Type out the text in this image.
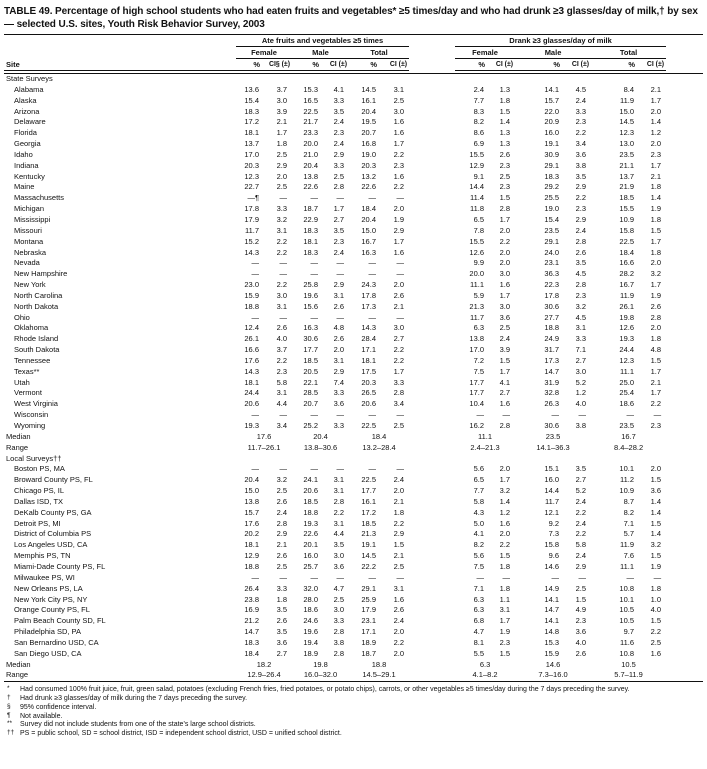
TABLE 49. Percentage of high school students who had eaten fruits and vegetables* ≥5 times/day and who had drunk ≥3 glasses/day of milk,† by sex — selected U.S. sites, Youth Risk Behavior Survey, 2003
	Ate fruits and vegetables ≥5 times							Drank ≥3 glasses/day of milk						
	Female		Male		Total			Female		Male		Total		
Site	%	CI§ (±)	%	CI (±)	%	CI (±)		%	CI (±)	%	CI (±)	%	CI (±)	

State Surveys														
Alabama	13.6	3.7	15.3	4.1	14.5	3.1		2.4	1.3	14.1	4.5	8.4	2.1	
Alaska	15.4	3.0	16.5	3.3	16.1	2.5		7.7	1.8	15.7	2.4	11.9	1.7	
Arizona	18.3	3.9	22.5	3.5	20.4	3.0		8.3	1.5	22.0	3.3	15.0	2.0	
Delaware	17.2	2.1	21.7	2.4	19.5	1.6		8.2	1.4	20.9	2.3	14.5	1.4	
Florida	18.1	1.7	23.3	2.3	20.7	1.6		8.6	1.3	16.0	2.2	12.3	1.2	
Georgia	13.7	1.8	20.0	2.4	16.8	1.7		6.9	1.3	19.1	3.4	13.0	2.0	
Idaho	17.0	2.5	21.0	2.9	19.0	2.2		15.5	2.6	30.9	3.6	23.5	2.3	
Indiana	20.3	2.9	20.4	3.3	20.3	2.3		12.9	2.3	29.1	3.8	21.1	1.7	
Kentucky	12.3	2.0	13.8	2.5	13.2	1.6		9.1	2.5	18.3	3.5	13.7	2.1	
Maine	22.7	2.5	22.6	2.8	22.6	2.2		14.4	2.3	29.2	2.9	21.9	1.8	
Massachusetts	—¶	—	—	—	—	—		11.4	1.5	25.5	2.2	18.5	1.4	
Michigan	17.8	3.3	18.7	1.7	18.4	2.0		11.8	2.8	19.0	2.3	15.5	1.9	
Mississippi	17.9	3.2	22.9	2.7	20.4	1.9		6.5	1.7	15.4	2.9	10.9	1.8	
Missouri	11.7	3.1	18.3	3.5	15.0	2.9		7.8	2.0	23.5	2.4	15.8	1.5	
Montana	15.2	2.2	18.1	2.3	16.7	1.7		15.5	2.2	29.1	2.8	22.5	1.7	
Nebraska	14.3	2.2	18.3	2.4	16.3	1.6		12.6	2.0	24.0	2.6	18.4	1.8	
Nevada	—	—	—	—	—	—		9.9	2.0	23.1	3.5	16.6	2.0	
New Hampshire	—	—	—	—	—	—		20.0	3.0	36.3	4.5	28.2	3.2	
New York	23.0	2.2	25.8	2.9	24.3	2.0		11.1	1.6	22.3	2.8	16.7	1.7	
North Carolina	15.9	3.0	19.6	3.1	17.8	2.6		5.9	1.7	17.8	2.3	11.9	1.9	
North Dakota	18.8	3.1	15.6	2.6	17.3	2.1		21.3	3.0	30.6	3.2	26.1	2.6	
Ohio	—	—	—	—	—	—		11.7	3.6	27.7	4.5	19.8	2.8	
Oklahoma	12.4	2.6	16.3	4.8	14.3	3.0		6.3	2.5	18.8	3.1	12.6	2.0	
Rhode Island	26.1	4.0	30.6	2.6	28.4	2.7		13.8	2.4	24.9	3.3	19.3	1.8	
South Dakota	16.6	3.7	17.7	2.0	17.1	2.2		17.0	3.9	31.7	7.1	24.4	4.8	
Tennessee	17.6	2.2	18.5	3.1	18.1	2.2		7.2	1.5	17.3	2.7	12.3	1.5	
Texas**	14.3	2.3	20.5	2.9	17.5	1.7		7.5	1.7	14.7	3.0	11.1	1.7	
Utah	18.1	5.8	22.1	7.4	20.3	3.3		17.7	4.1	31.9	5.2	25.0	2.1	
Vermont	24.4	3.1	28.5	3.3	26.5	2.8		17.7	2.7	32.8	1.2	25.4	1.7	
West Virginia	20.6	4.4	20.7	3.6	20.6	3.4		10.4	1.6	26.3	4.0	18.6	2.2	
Wisconsin	—	—	—	—	—	—		—	—	—	—	—	—	
Wyoming	19.3	3.4	25.2	3.3	22.5	2.5		16.2	2.8	30.6	3.8	23.5	2.3	
Median	17.6		20.4		18.4			11.1		23.5		16.7		
Range	11.7–26.1		13.8–30.6		13.2–28.4			2.4–21.3		14.1–36.3		8.4–28.2		
Local Surveys††														
Boston PS, MA	—	—	—	—	—	—		5.6	2.0	15.1	3.5	10.1	2.0	
Broward County PS, FL	20.4	3.2	24.1	3.1	22.5	2.4		6.5	1.7	16.0	2.7	11.2	1.5	
Chicago PS, IL	15.0	2.5	20.6	3.1	17.7	2.0		7.7	3.2	14.4	5.2	10.9	3.6	
Dallas ISD, TX	13.8	2.6	18.5	2.8	16.1	2.1		5.8	1.4	11.7	2.4	8.7	1.4	
DeKalb County PS, GA	15.7	2.4	18.8	2.2	17.2	1.8		4.3	1.2	12.1	2.2	8.2	1.4	
Detroit PS, MI	17.6	2.8	19.3	3.1	18.5	2.2		5.0	1.6	9.2	2.4	7.1	1.5	
District of Columbia PS	20.2	2.9	22.6	4.4	21.3	2.9		4.1	2.0	7.3	2.2	5.7	1.4	
Los Angeles USD, CA	18.1	2.1	20.1	3.5	19.1	1.5		8.2	2.2	15.8	5.8	11.9	3.2	
Memphis PS, TN	12.9	2.6	16.0	3.0	14.5	2.1		5.6	1.5	9.6	2.4	7.6	1.5	
Miami-Dade County PS, FL	18.8	2.5	25.7	3.6	22.2	2.5		7.5	1.8	14.6	2.9	11.1	1.9	
Milwaukee PS, WI	—	—	—	—	—	—		—	—	—	—	—	—	
New Orleans PS, LA	26.4	3.3	32.0	4.7	29.1	3.1		7.1	1.8	14.9	2.5	10.8	1.8	
New York City PS, NY	23.8	1.8	28.0	2.5	25.9	1.6		6.3	1.1	14.1	1.5	10.1	1.0	
Orange County PS, FL	16.9	3.5	18.6	3.0	17.9	2.6		6.3	3.1	14.7	4.9	10.5	4.0	
Palm Beach County SD, FL	21.2	2.6	24.6	3.3	23.1	2.4		6.8	1.7	14.1	2.3	10.5	1.5	
Philadelphia SD, PA	14.7	3.5	19.6	2.8	17.1	2.0		4.7	1.9	14.8	3.6	9.7	2.2	
San Bernardino USD, CA	18.3	3.6	19.4	3.8	18.9	2.2		8.1	2.3	15.3	4.0	11.6	2.5	
San Diego USD, CA	18.4	2.7	18.9	2.8	18.7	2.0		5.5	1.5	15.9	2.6	10.8	1.6	
Median	18.2		19.8		18.8			6.3		14.6		10.5		
Range	12.9–26.4		16.0–32.0		14.5–29.1			4.1–8.2		7.3–16.0		5.7–11.9		
* Had consumed 100% fruit juice, fruit, green salad, potatoes (excluding French fries, fried potatoes, or potato chips), carrots, or other vegetables ≥5 times/day during the 7 days preceding the survey.
† Had drunk ≥3 glasses/day of milk during the 7 days preceding the survey.
§ 95% confidence interval.
¶ Not available.
** Survey did not include students from one of the state’s large school districts.
†† PS = public school, SD = school district, ISD = independent school district, USD = unified school district.
